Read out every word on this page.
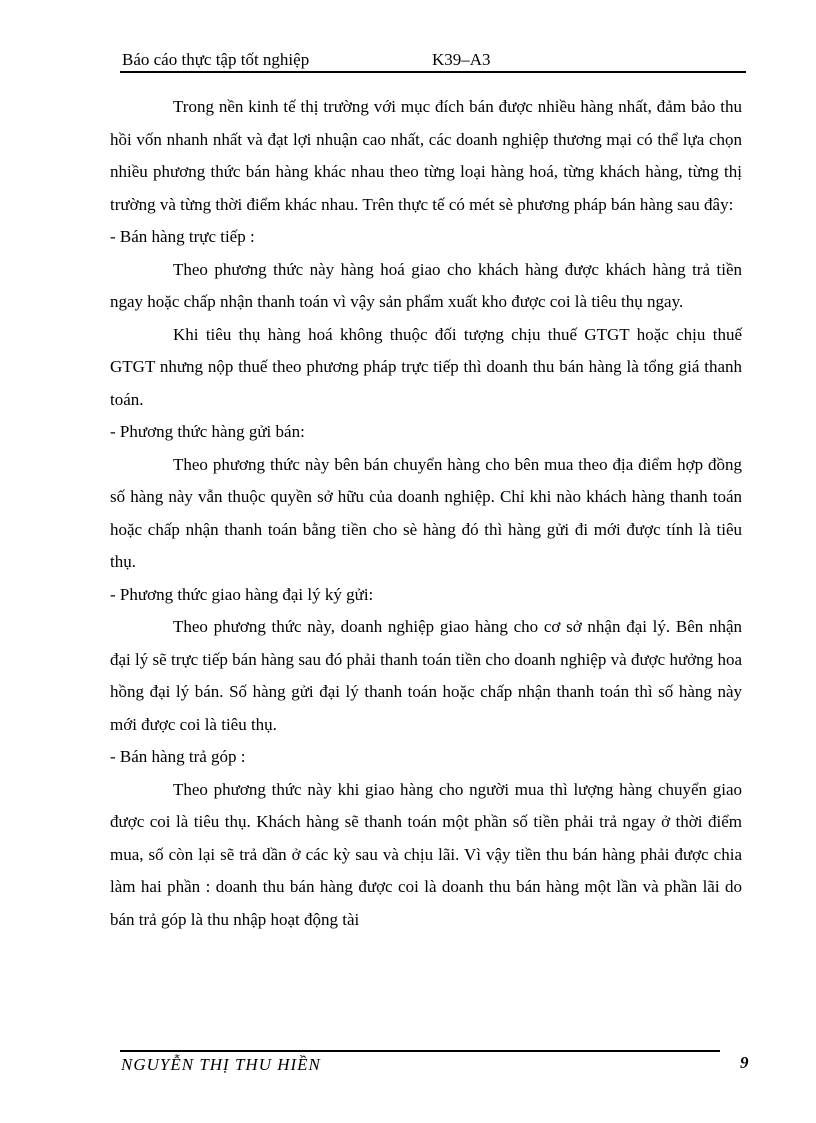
Báo cáo thực tập tốt nghiệp	K39–A3

Trong nền kinh tế thị trường với mục đích bán được nhiều hàng nhất, đảm bảo thu hồi vốn nhanh nhất và đạt lợi nhuận cao nhất, các doanh nghiệp thương mại có thể lựa chọn nhiều phương thức bán hàng khác nhau theo từng loại hàng hoá, từng khách hàng, từng thị trường và từng thời điểm khác nhau. Trên thực tế có mét sè phương pháp bán hàng sau đây:

- Bán hàng trực tiếp :

Theo phương thức này hàng hoá giao cho khách hàng được khách hàng trả tiền ngay hoặc chấp nhận thanh toán vì vậy sản phẩm xuất kho được coi là tiêu thụ ngay.

Khi tiêu thụ hàng hoá không thuộc đối tượng chịu thuế GTGT hoặc chịu thuế GTGT nhưng nộp thuế theo phương pháp trực tiếp thì doanh thu bán hàng là tổng giá thanh toán.

- Phương thức hàng gửi bán:

Theo phương thức này bên bán chuyển hàng cho bên mua theo địa điểm hợp đồng số hàng này vẫn thuộc quyền sở hữu của doanh nghiệp. Chỉ khi nào khách hàng thanh toán hoặc chấp nhận thanh toán bằng tiền cho sè hàng đó thì hàng gửi đi mới được tính là tiêu thụ.

- Phương thức giao hàng đại lý ký gửi:

Theo phương thức này, doanh nghiệp giao hàng cho cơ sở nhận đại lý. Bên nhận đại lý sẽ trực tiếp bán hàng sau đó phải thanh toán tiền cho doanh nghiệp và được hưởng hoa hồng đại lý bán. Số hàng gửi đại lý thanh toán hoặc chấp nhận thanh toán thì số hàng này mới được coi là tiêu thụ.

- Bán hàng trả góp :

Theo phương thức này khi giao hàng cho người mua thì lượng hàng chuyển giao được coi là tiêu thụ. Khách hàng sẽ thanh toán một phần số tiền phải trả ngay ở thời điểm mua, số còn lại sẽ trả dần ở các kỳ sau và chịu lãi. Vì vậy tiền thu bán hàng phải được chia làm hai phần : doanh thu bán hàng được coi là doanh thu bán hàng một lần và phần lãi do bán trả góp là thu nhập hoạt động tài

NGUYỄN THỊ THU HIỀN	9
